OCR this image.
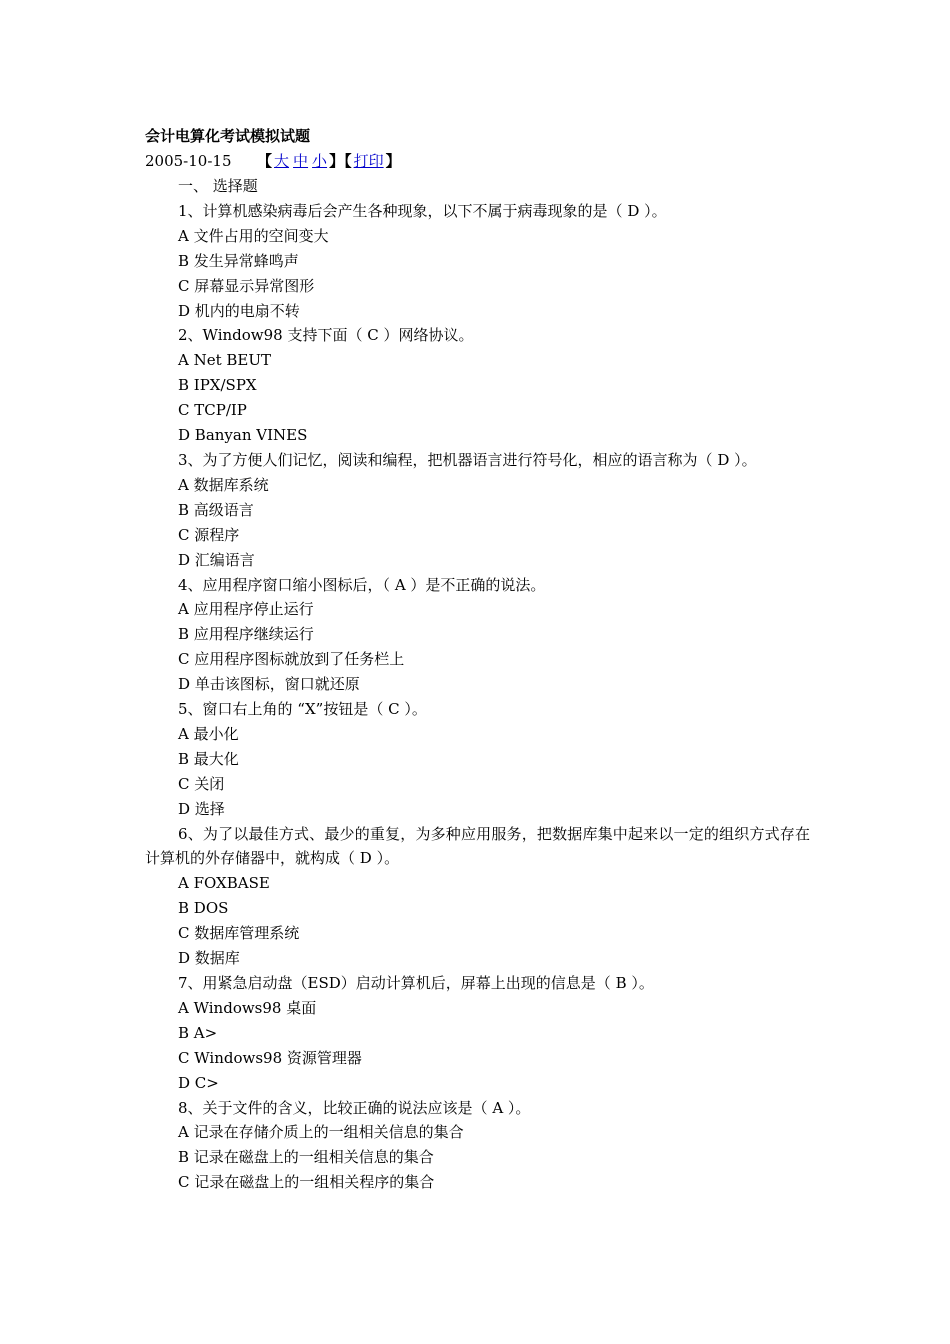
会计电算化考试模拟试题

2005-10-15 【 大 中 小 】【 打印 】

一、 选择题

1、计算机感染病毒后会产生各种现象，以下不属于病毒现象的是（ D ）。

A 文件占用的空间变大

B 发生异常蜂鸣声

C 屏幕显示异常图形

D 机内的电扇不转

2、Window98 支持下面（ C ）网络协议。

A Net BEUT

B IPX/SPX

C TCP/IP

D Banyan VINES

3、为了方便人们记忆，阅读和编程，把机器语言进行符号化，相应的语言称为（ D ）。

A 数据库系统

B 高级语言

C 源程序

D 汇编语言

4、应用程序窗口缩小图标后，（ A ）是不正确的说法。

A 应用程序停止运行

B 应用程序继续运行

C 应用程序图标就放到了任务栏上

D 单击该图标，窗口就还原

5、窗口右上角的 “X”按钮是（ C ）。

A 最小化

B 最大化

C 关闭

D 选择

6、为了以最佳方式、最少的重复，为多种应用服务，把数据库集中起来以一定的组织方式存在计算机的外存储器中，就构成（ D ）。

A FOXBASE

B DOS

C 数据库管理系统

D 数据库

7、用紧急启动盘（ESD）启动计算机后，屏幕上出现的信息是（ B ）。

A Windows98 桌面

B A>

C Windows98 资源管理器

D C>

8、关于文件的含义，比较正确的说法应该是（ A ）。

A 记录在存储介质上的一组相关信息的集合

B 记录在磁盘上的一组相关信息的集合

C 记录在磁盘上的一组相关程序的集合
